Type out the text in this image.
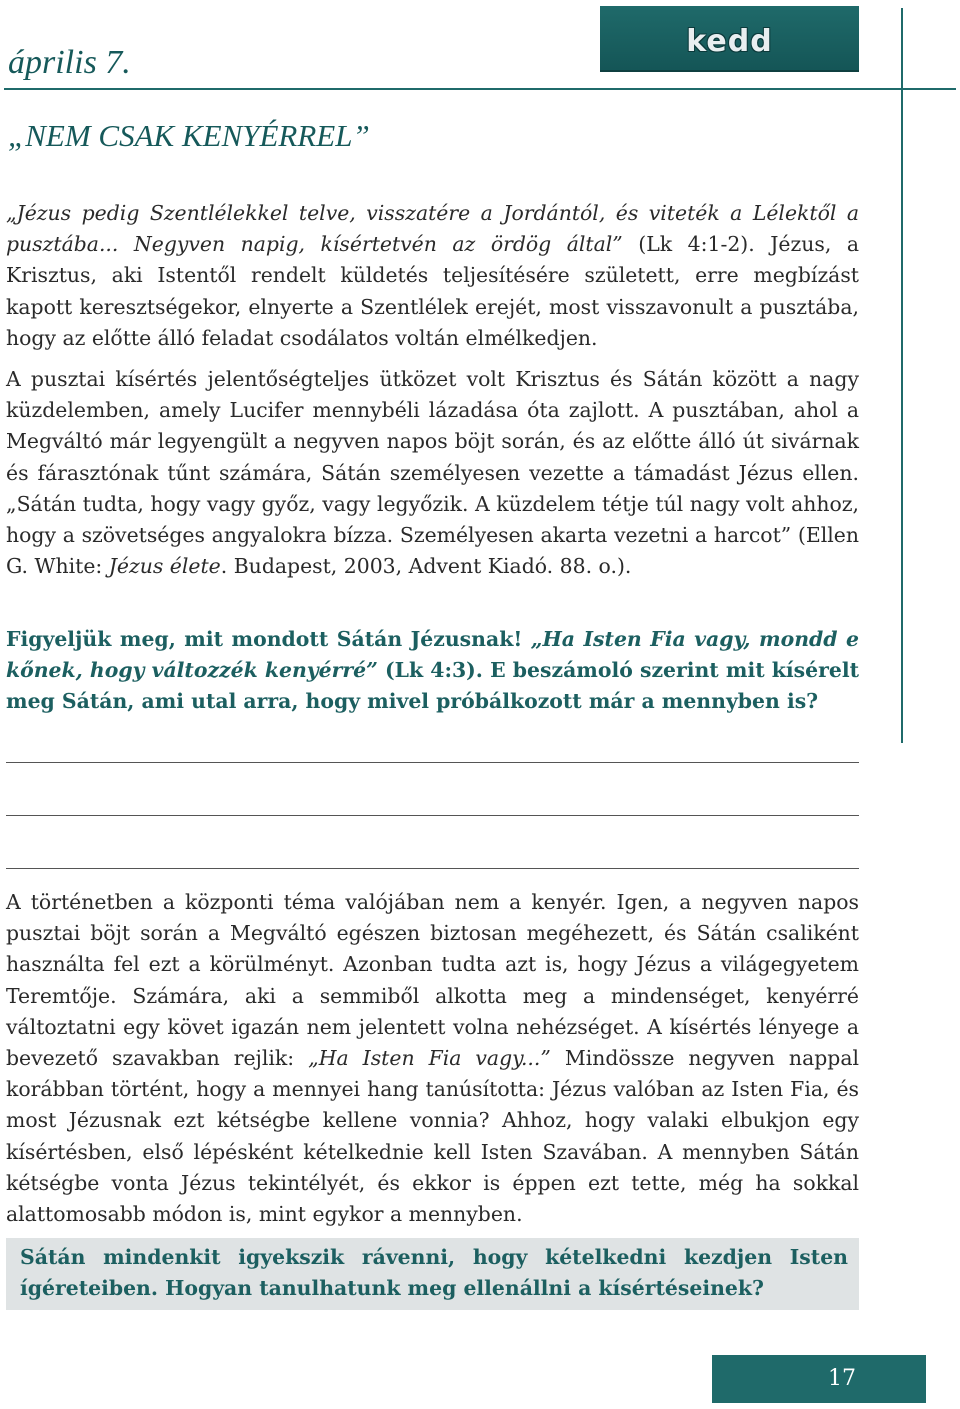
április 7.
kedd
„NEM CSAK KENYÉRREL”

„Jézus pedig Szentlélekkel telve, visszatére a Jordántól, és viteték a Lélektől a pusztába... Negyven napig, kísértetvén az ördög által” (Lk 4:1-2). Jézus, a Krisztus, aki Istentől rendelt küldetés teljesítésére született, erre megbízást kapott keresztségekor, elnyerte a Szentlélek erejét, most visszavonult a pusztába, hogy az előtte álló feladat csodálatos voltán elmélkedjen.

A pusztai kísértés jelentőségteljes ütközet volt Krisztus és Sátán között a nagy küzdelemben, amely Lucifer mennybéli lázadása óta zajlott. A pusztában, ahol a Megváltó már legyengült a negyven napos böjt során, és az előtte álló út sivárnak és fárasztónak tűnt számára, Sátán személyesen vezette a támadást Jézus ellen. „Sátán tudta, hogy vagy győz, vagy legyőzik. A küzdelem tétje túl nagy volt ahhoz, hogy a szövetséges angyalokra bízza. Személyesen akarta vezetni a harcot” (Ellen G. White: Jézus élete. Budapest, 2003, Advent Kiadó. 88. o.).

Figyeljük meg, mit mondott Sátán Jézusnak! „Ha Isten Fia vagy, mondd e kőnek, hogy változzék kenyérré” (Lk 4:3). E beszámoló szerint mit kísérelt meg Sátán, ami utal arra, hogy mivel próbálkozott már a mennyben is?

A történetben a központi téma valójában nem a kenyér. Igen, a negyven napos pusztai böjt során a Megváltó egészen biztosan megéhezett, és Sátán csaliként használta fel ezt a körülményt. Azonban tudta azt is, hogy Jézus a világegyetem Teremtője. Számára, aki a semmiből alkotta meg a mindenséget, kenyérré változtatni egy követ igazán nem jelentett volna nehézséget. A kísértés lényege a bevezető szavakban rejlik: „Ha Isten Fia vagy...” Mindössze negyven nappal korábban történt, hogy a mennyei hang tanúsította: Jézus valóban az Isten Fia, és most Jézusnak ezt kétségbe kellene vonnia? Ahhoz, hogy valaki elbukjon egy kísértésben, első lépésként kételkednie kell Isten Szavában. A mennyben Sátán kétségbe vonta Jézus tekintélyét, és ekkor is éppen ezt tette, még ha sokkal alattomosabb módon is, mint egykor a mennyben.

Sátán mindenkit igyekszik rávenni, hogy kételkedni kezdjen Isten ígéreteiben. Hogyan tanulhatunk meg ellenállni a kísértéseinek?

17
